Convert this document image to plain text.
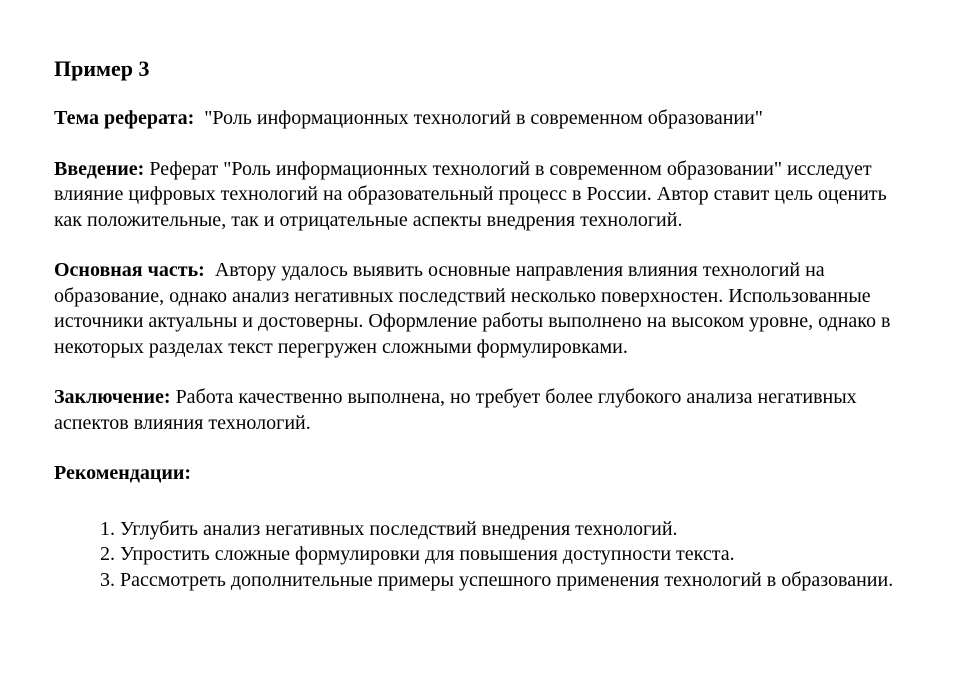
Пример 3

Тема реферата: "Роль информационных технологий в современном образовании"

Введение: Реферат "Роль информационных технологий в современном образовании" исследует влияние цифровых технологий на образовательный процесс в России. Автор ставит цель оценить как положительные, так и отрицательные аспекты внедрения технологий.

Основная часть: Автору удалось выявить основные направления влияния технологий на образование, однако анализ негативных последствий несколько поверхностен. Использованные источники актуальны и достоверны. Оформление работы выполнено на высоком уровне, однако в некоторых разделах текст перегружен сложными формулировками.

Заключение: Работа качественно выполнена, но требует более глубокого анализа негативных аспектов влияния технологий.

Рекомендации:

1. Углубить анализ негативных последствий внедрения технологий.
2. Упростить сложные формулировки для повышения доступности текста.
3. Рассмотреть дополнительные примеры успешного применения технологий в образовании.
